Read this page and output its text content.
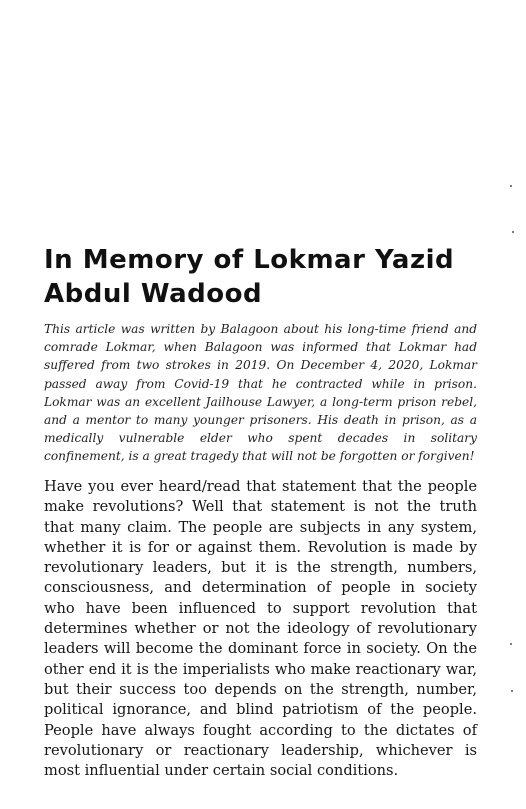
In Memory of Lokmar Yazid Abdul Wadood

This article was written by Balagoon about his long-time friend and comrade Lokmar, when Balagoon was informed that Lokmar had suffered from two strokes in 2019. On December 4, 2020, Lokmar passed away from Covid-19 that he contracted while in prison. Lokmar was an excellent Jailhouse Lawyer, a long-term prison rebel, and a mentor to many younger prisoners. His death in prison, as a medically vulnerable elder who spent decades in solitary confinement, is a great tragedy that will not be forgotten or forgiven!

Have you ever heard/read that statement that the people make revolutions? Well that statement is not the truth that many claim. The people are subjects in any system, whether it is for or against them. Revolution is made by revolutionary leaders, but it is the strength, numbers, consciousness, and determination of people in society who have been influenced to support revolution that determines whether or not the ideology of revolutionary leaders will become the dominant force in society. On the other end it is the imperialists who make reactionary war, but their success too depends on the strength, number, political ignorance, and blind patriotism of the people. People have always fought according to the dictates of revolutionary or reactionary leadership, whichever is most influential under certain social conditions.
